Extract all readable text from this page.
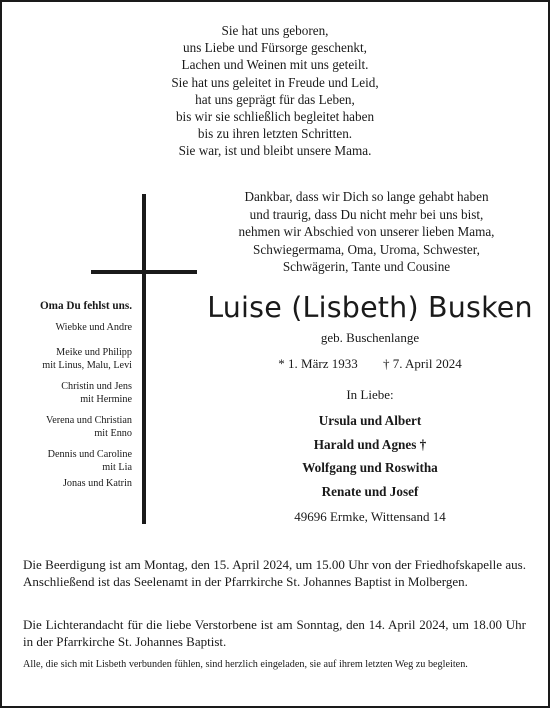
Sie hat uns geboren,
uns Liebe und Fürsorge geschenkt,
Lachen und Weinen mit uns geteilt.
Sie hat uns geleitet in Freude und Leid,
hat uns geprägt für das Leben,
bis wir sie schließlich begleitet haben
bis zu ihren letzten Schritten.
Sie war, ist und bleibt unsere Mama.
Dankbar, dass wir Dich so lange gehabt haben
und traurig, dass Du nicht mehr bei uns bist,
nehmen wir Abschied von unserer lieben Mama,
Schwiegermama, Oma, Uroma, Schwester,
Schwägerin, Tante und Cousine
Oma Du fehlst uns.
Wiebke und Andre
Meike und Philipp
mit Linus, Malu, Levi
Christin und Jens
mit Hermine
Verena und Christian
mit Enno
Dennis und Caroline
mit Lia
Jonas und Katrin
Luise (Lisbeth) Busken
geb. Buschenlange
* 1. März 1933 † 7. April 2024
In Liebe:
Ursula und Albert
Harald und Agnes †
Wolfgang und Roswitha
Renate und Josef
49696 Ermke, Wittensand 14
Die Beerdigung ist am Montag, den 15. April 2024, um 15.00 Uhr von der Friedhofskapelle aus. Anschließend ist das Seelenamt in der Pfarrkirche St. Johannes Baptist in Molbergen.
Die Lichterandacht für die liebe Verstorbene ist am Sonntag, den 14. April 2024, um 18.00 Uhr in der Pfarrkirche St. Johannes Baptist.
Alle, die sich mit Lisbeth verbunden fühlen, sind herzlich eingeladen, sie auf ihrem letzten Weg zu begleiten.
